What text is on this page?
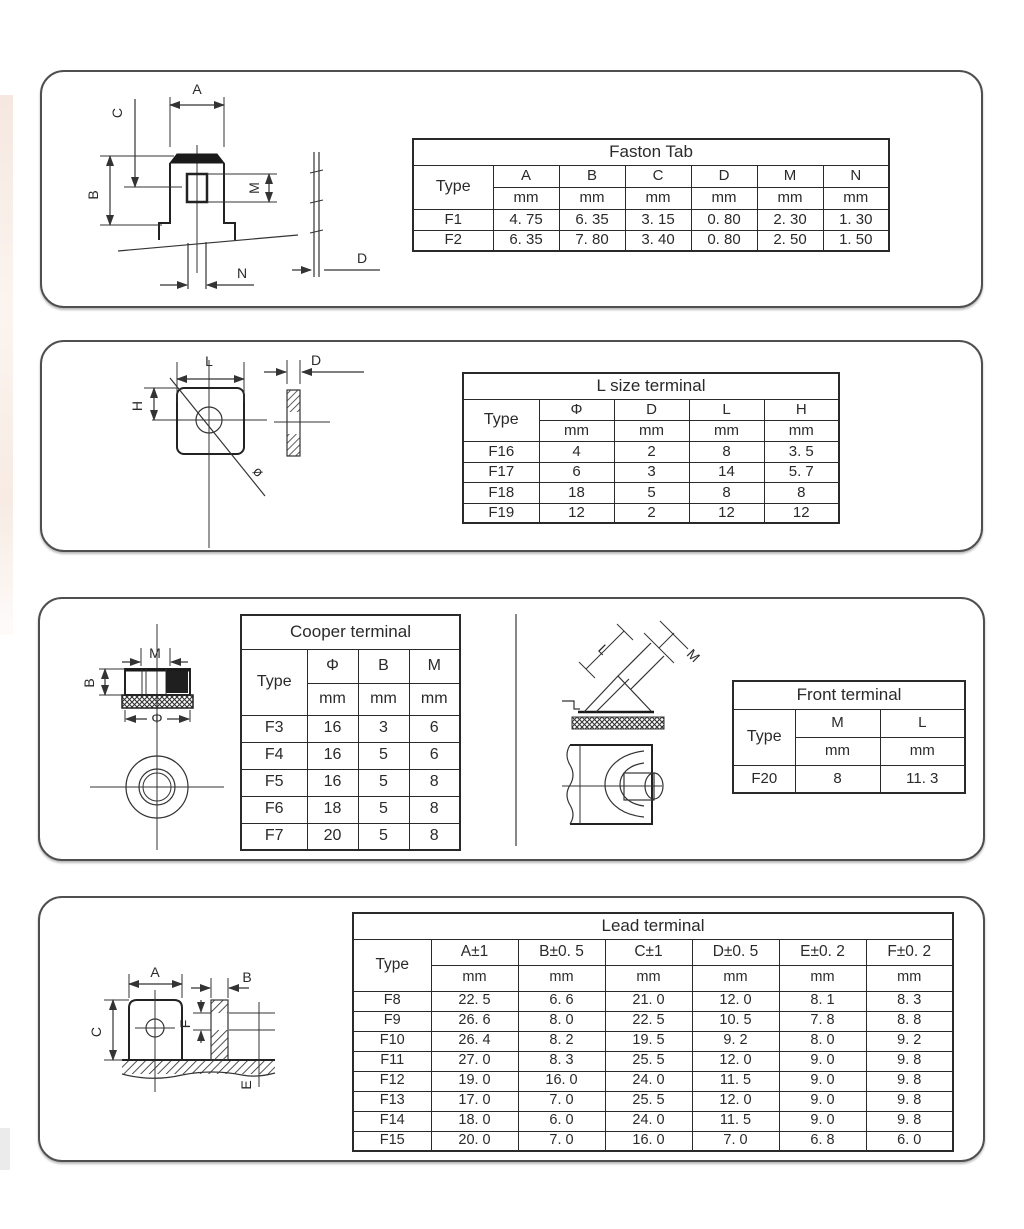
A
C
B
M
N
D
Faston Tab						
Type	A	B	C	D	M	N
	mm	mm	mm	mm	mm	mm
F1	4. 75	6. 35	3. 15	0. 80	2. 30	1. 30
F2	6. 35	7. 80	3. 40	0. 80	2. 50	1. 50
L
H
ø
D
L size terminal				
Type	Φ	D	L	H
	mm	mm	mm	mm
F16	4	2	8	3. 5
F17	6	3	14	5. 7
F18	18	5	8	8
F19	12	2	12	12
M
B
Φ
Cooper terminal			
Type	Φ	B	M
	mm	mm	mm
F3	16	3	6
F4	16	5	6
F5	16	5	8
F6	18	5	8
F7	20	5	8
L	M
Front terminal		
Type	M	L
	mm	mm
F20	8	11. 3
A
C
B
F
E
Lead terminal						
Type	A±1	B±0. 5	C±1	D±0. 5	E±0. 2	F±0. 2
	mm	mm	mm	mm	mm	mm
F8	22. 5	6. 6	21. 0	12. 0	8. 1	8. 3
F9	26. 6	8. 0	22. 5	10. 5	7. 8	8. 8
F10	26. 4	8. 2	19. 5	9. 2	8. 0	9. 2
F11	27. 0	8. 3	25. 5	12. 0	9. 0	9. 8
F12	19. 0	16. 0	24. 0	11. 5	9. 0	9. 8
F13	17. 0	7. 0	25. 5	12. 0	9. 0	9. 8
F14	18. 0	6. 0	24. 0	11. 5	9. 0	9. 8
F15	20. 0	7. 0	16. 0	7. 0	6. 8	6. 0
